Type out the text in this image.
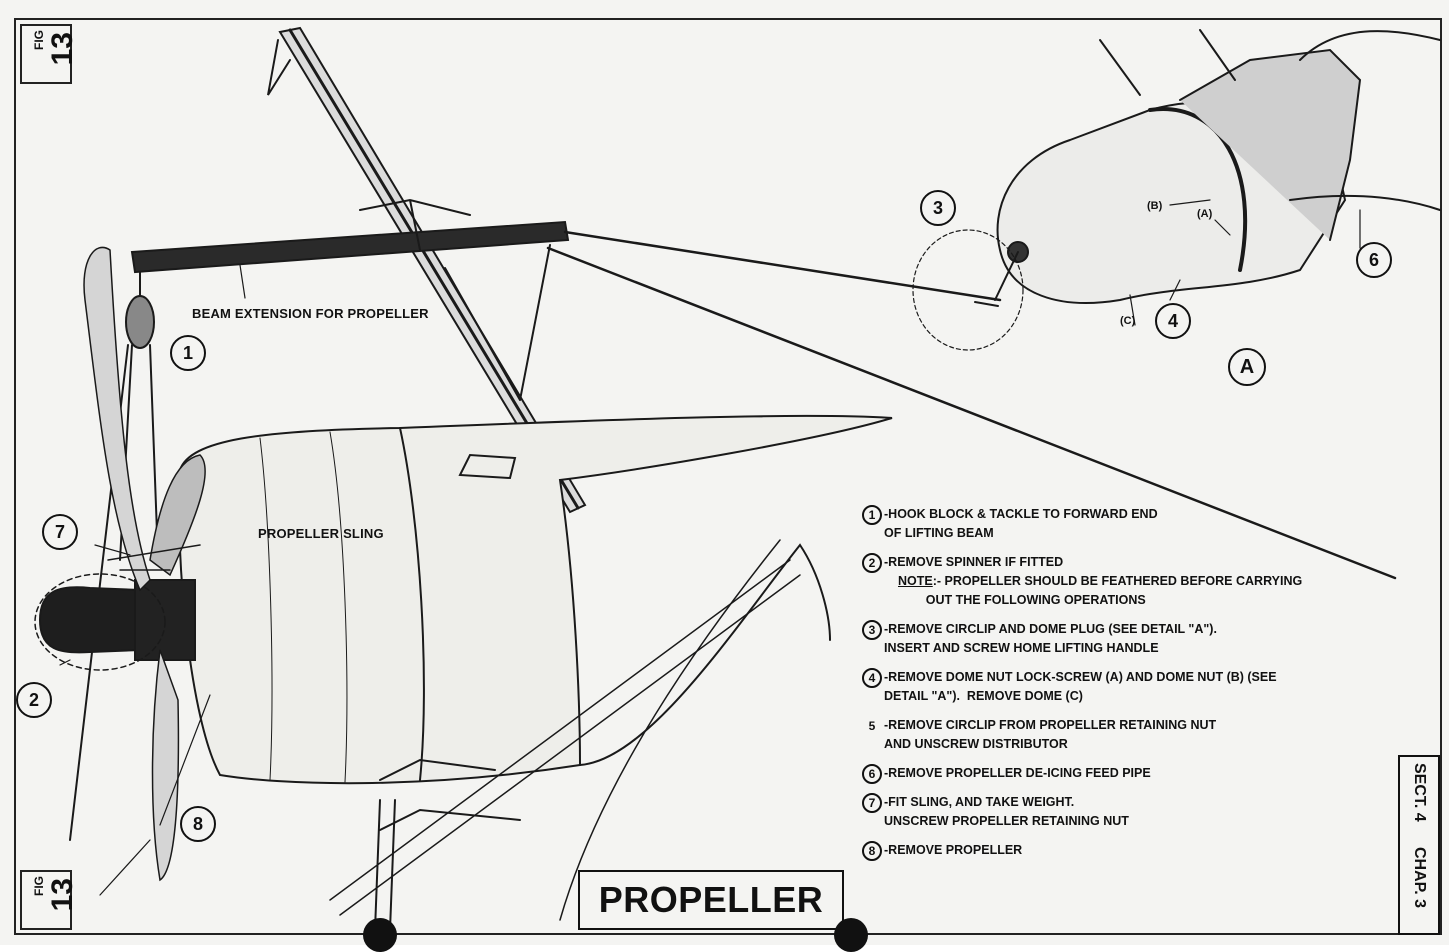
FIG 13
FIG 13
BEAM EXTENSION FOR PROPELLER
PROPELLER SLING
1
7
2
8
3
4
6
A
(B)
(A)
(C)
1 -HOOK BLOCK & TACKLE TO FORWARD END
OF LIFTING BEAM
2 -REMOVE SPINNER IF FITTED
NOTE:- PROPELLER SHOULD BE FEATHERED BEFORE CARRYING
OUT THE FOLLOWING OPERATIONS
3 -REMOVE CIRCLIP AND DOME PLUG (SEE DETAIL "A").
INSERT AND SCREW HOME LIFTING HANDLE
4 -REMOVE DOME NUT LOCK-SCREW (A) AND DOME NUT (B) (SEE
DETAIL "A").  REMOVE DOME (C)
5 -REMOVE CIRCLIP FROM PROPELLER RETAINING NUT
AND UNSCREW DISTRIBUTOR
6 -REMOVE PROPELLER DE-ICING FEED PIPE
7 -FIT SLING, AND TAKE WEIGHT.
UNSCREW PROPELLER RETAINING NUT
8 -REMOVE PROPELLER
PROPELLER
SECT. 4
CHAP. 3
